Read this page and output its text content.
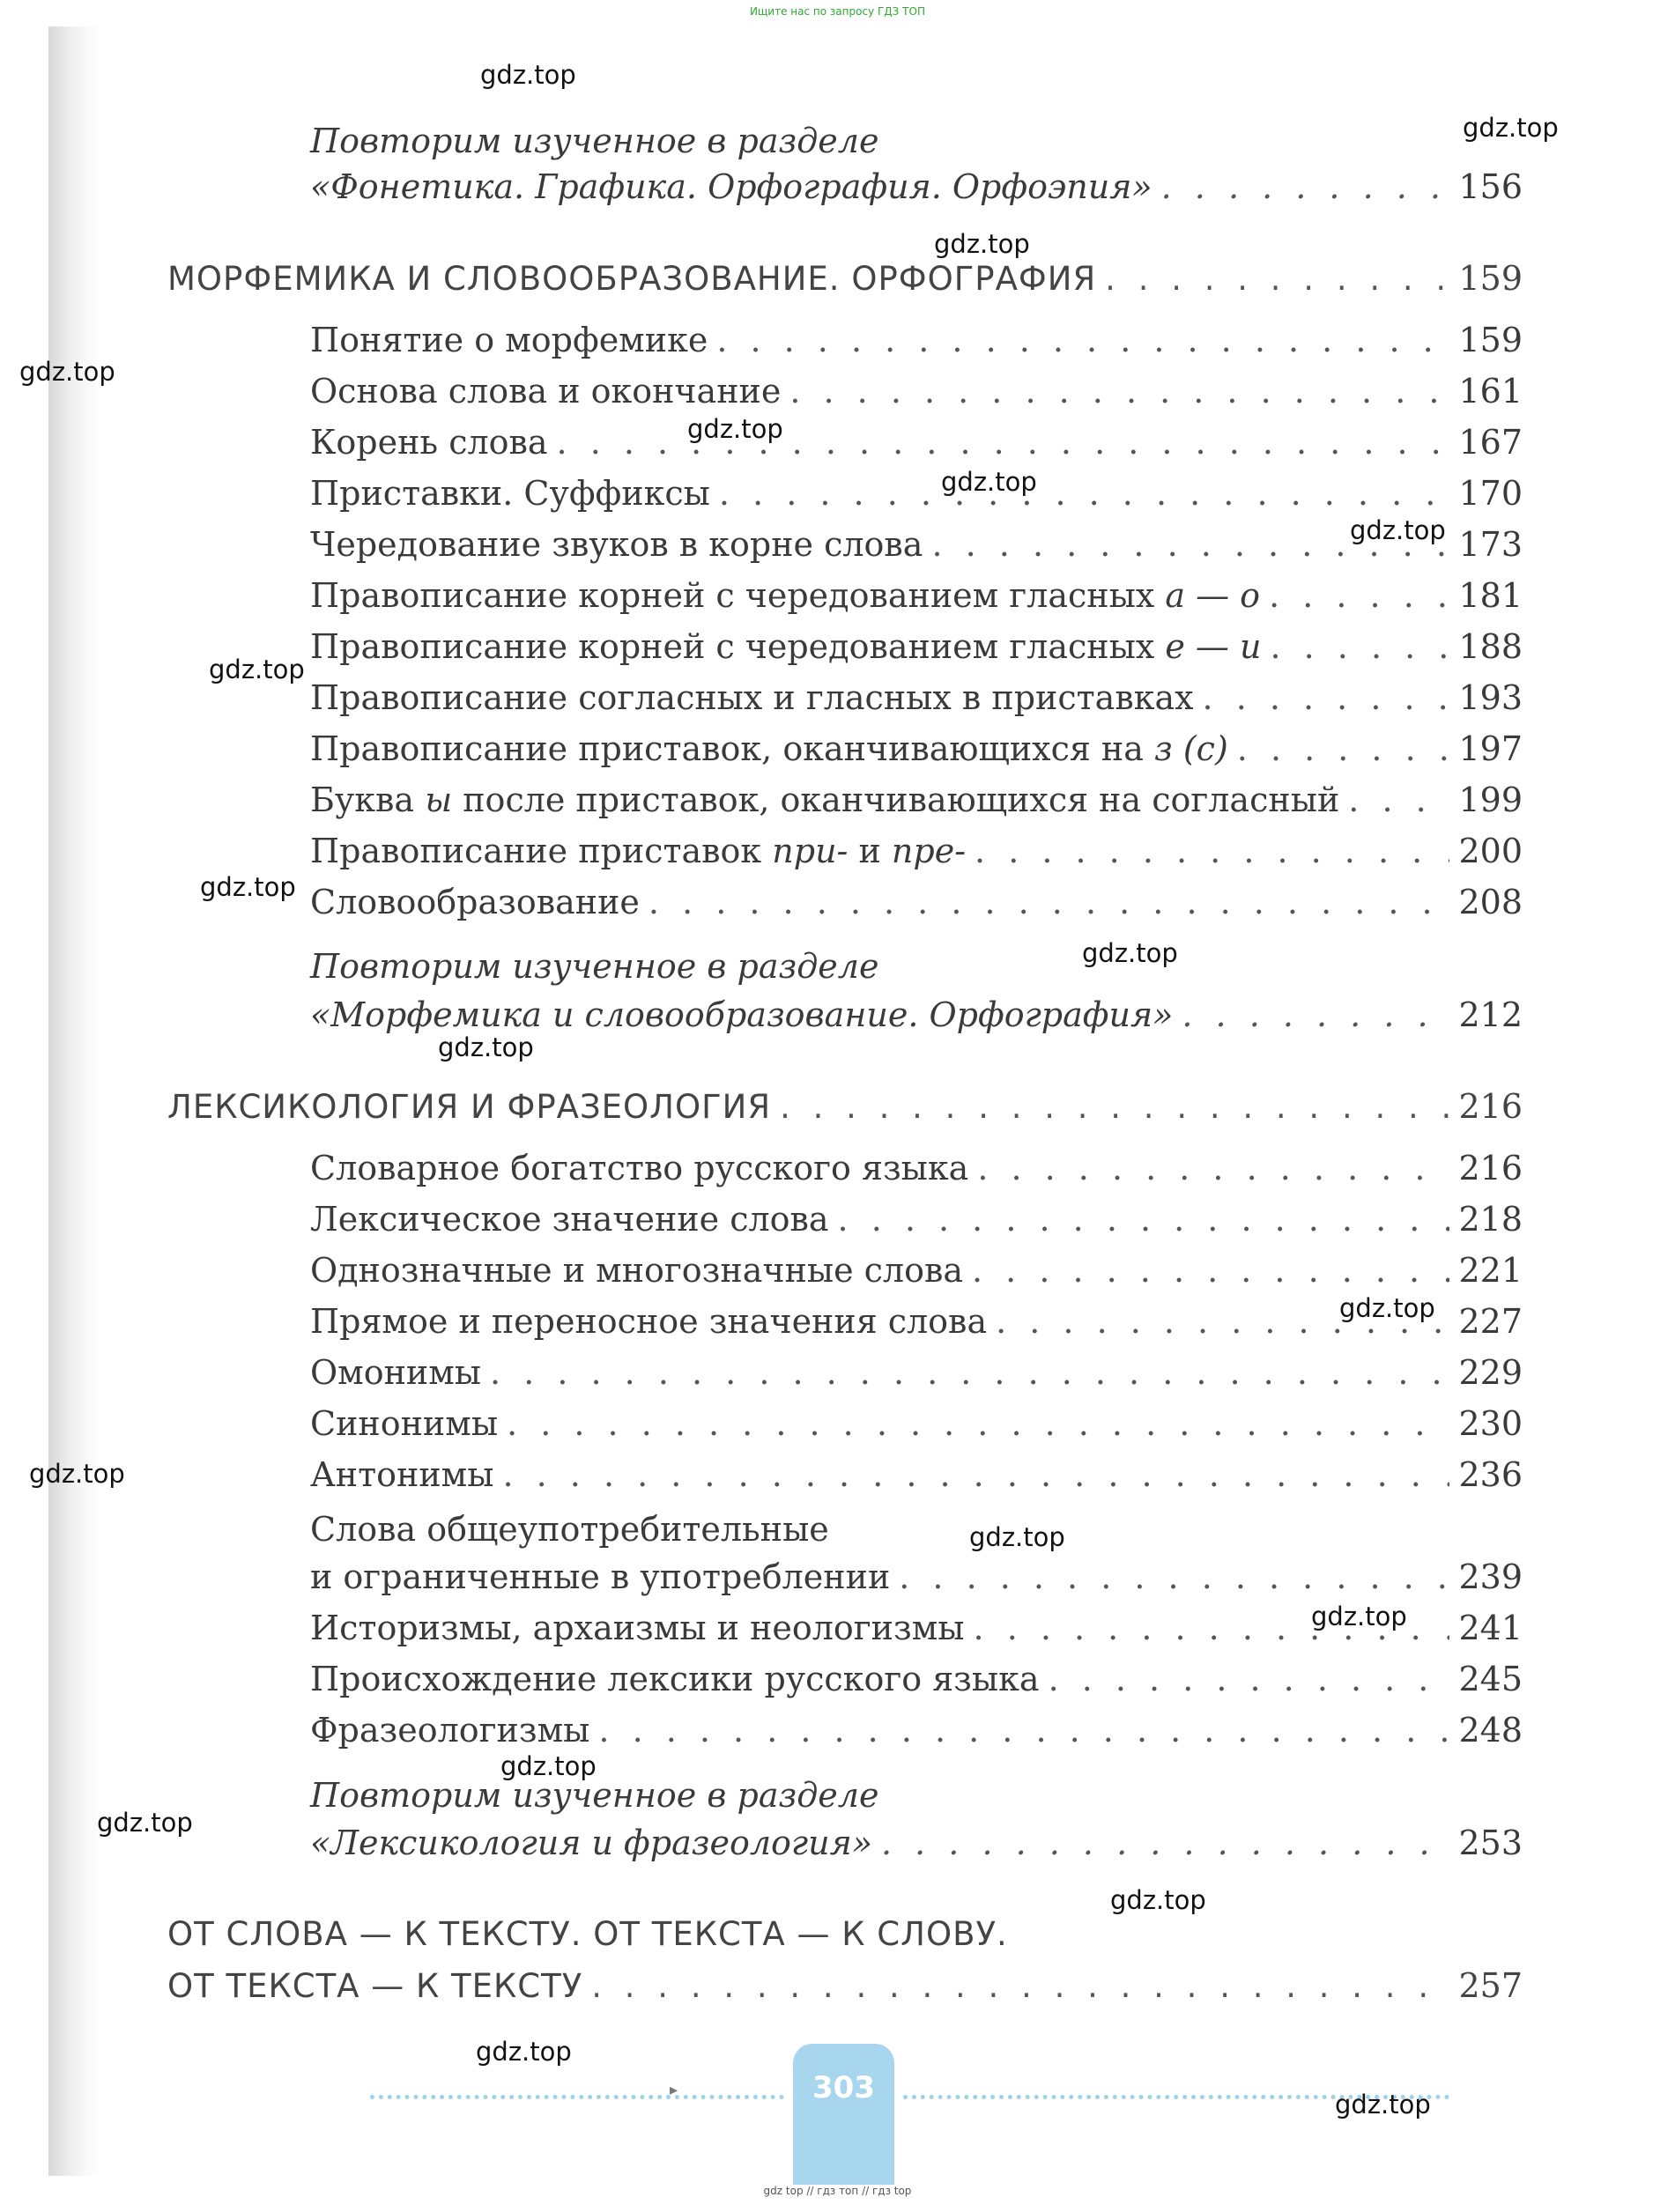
Ищите нас по запросу ГДЗ ТОП
Повторим изученное в разделе
«Фонетика. Графика. Орфография. Орфоэпия» . . .	156
МОРФЕМИКА И СЛОВООБРАЗОВАНИЕ. ОРФОГРАФИЯ . . .	159
Понятие о морфемике . . .	159
Основа слова и окончание . . .	161
Корень слова . . .	167
Приставки. Суффиксы . . .	170
Чередование звуков в корне слова . . .	173
Правописание корней с чередованием гласных а — о . . .	181
Правописание корней с чередованием гласных е — и . . .	188
Правописание согласных и гласных в приставках . . .	193
Правописание приставок, оканчивающихся на з (с) . . .	197
Буква ы после приставок, оканчивающихся на согласный . . .	199
Правописание приставок при- и пре- . . .	200
Словообразование . . .	208
Повторим изученное в разделе
«Морфемика и словообразование. Орфография» . . .	212
ЛЕКСИКОЛОГИЯ И ФРАЗЕОЛОГИЯ . . .	216
Словарное богатство русского языка . . .	216
Лексическое значение слова . . .	218
Однозначные и многозначные слова . . .	221
Прямое и переносное значения слова . . .	227
Омонимы . . .	229
Синонимы . . .	230
Антонимы . . .	236
Слова общеупотребительные
и ограниченные в употреблении . . .	239
Историзмы, архаизмы и неологизмы . . .	241
Происхождение лексики русского языка . . .	245
Фразеологизмы . . .	248
Повторим изученное в разделе
«Лексикология и фразеология» . . .	253
ОТ СЛОВА — К ТЕКСТУ. ОТ ТЕКСТА — К СЛОВУ.
ОТ ТЕКСТА — К ТЕКСТУ . . .	257
▸	303
gdz.top
gdz.top
gdz.top
gdz.top
gdz.top
gdz.top
gdz.top
gdz.top
gdz.top
gdz.top
gdz.top
gdz.top
gdz.top
gdz.top
gdz.top
gdz.top
gdz.top
gdz.top
gdz.top
gdz.top
gdz top // гдз топ // гдз top
